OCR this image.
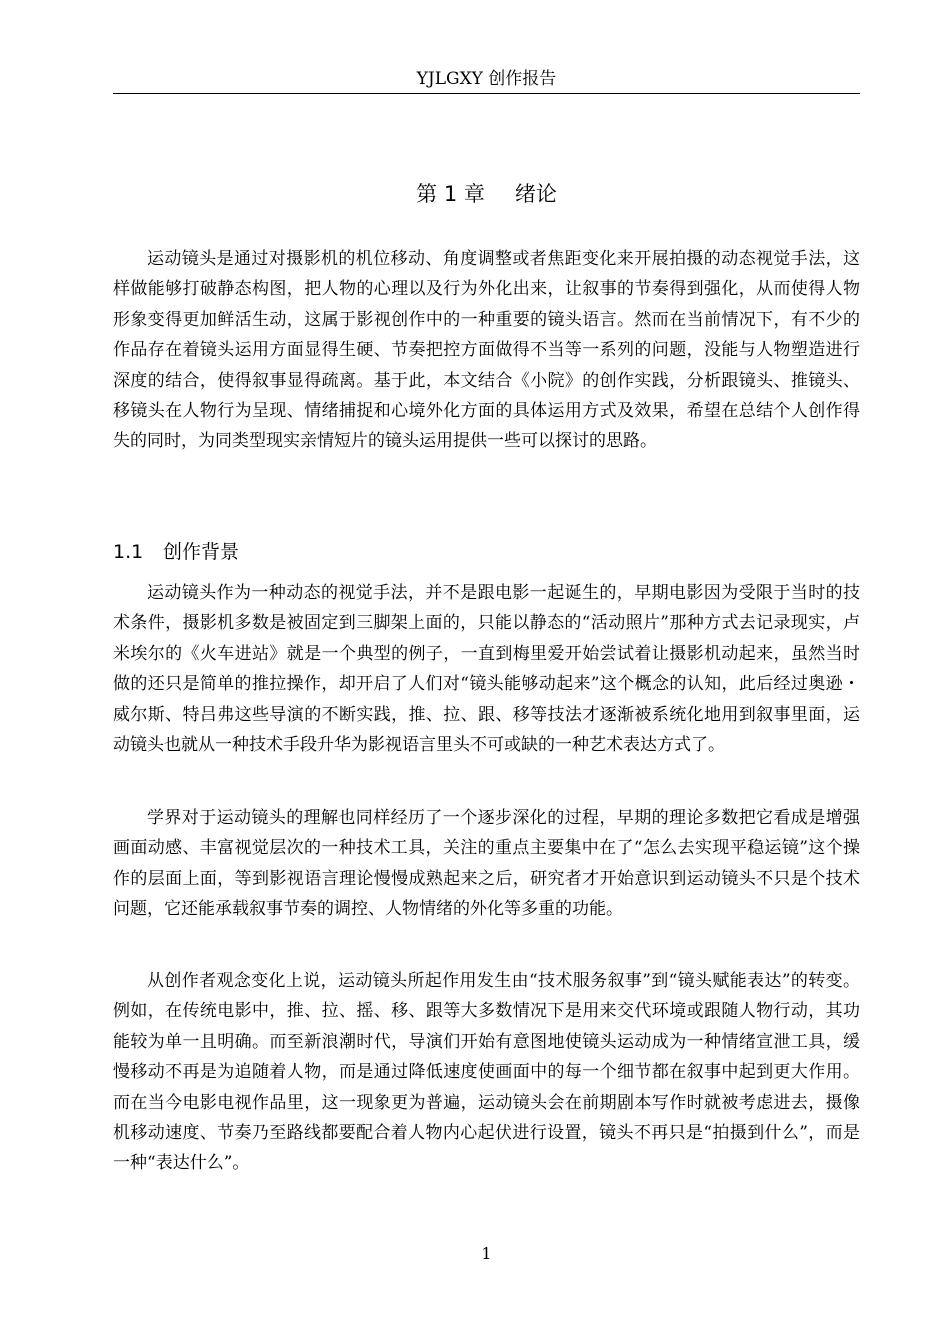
YJLGXY 创作报告
第 1 章 绪论

运动镜头是通过对摄影机的机位移动、角度调整或者焦距变化来开展拍摄的动态视觉手法，这样做能够打破静态构图，把人物的心理以及行为外化出来，让叙事的节奏得到强化，从而使得人物形象变得更加鲜活生动，这属于影视创作中的一种重要的镜头语言。然而在当前情况下，有不少的作品存在着镜头运用方面显得生硬、节奏把控方面做得不当等一系列的问题，没能与人物塑造进行深度的结合，使得叙事显得疏离。基于此，本文结合《小院》的创作实践，分析跟镜头、推镜头、移镜头在人物行为呈现、情绪捕捉和心境外化方面的具体运用方式及效果，希望在总结个人创作得失的同时，为同类型现实亲情短片的镜头运用提供一些可以探讨的思路。

1.1 创作背景

运动镜头作为一种动态的视觉手法，并不是跟电影一起诞生的，早期电影因为受限于当时的技术条件，摄影机多数是被固定到三脚架上面的，只能以静态的“活动照片”那种方式去记录现实，卢米埃尔的《火车进站》就是一个典型的例子，一直到梅里爱开始尝试着让摄影机动起来，虽然当时做的还只是简单的推拉操作，却开启了人们对“镜头能够动起来”这个概念的认知，此后经过奥逊・威尔斯、特吕弗这些导演的不断实践，推、拉、跟、移等技法才逐渐被系统化地用到叙事里面，运动镜头也就从一种技术手段升华为影视语言里头不可或缺的一种艺术表达方式了。

学界对于运动镜头的理解也同样经历了一个逐步深化的过程，早期的理论多数把它看成是增强画面动感、丰富视觉层次的一种技术工具，关注的重点主要集中在了“怎么去实现平稳运镜”这个操作的层面上面，等到影视语言理论慢慢成熟起来之后，研究者才开始意识到运动镜头不只是个技术问题，它还能承载叙事节奏的调控、人物情绪的外化等多重的功能。

从创作者观念变化上说，运动镜头所起作用发生由“技术服务叙事”到“镜头赋能表达”的转变。例如，在传统电影中，推、拉、摇、移、跟等大多数情况下是用来交代环境或跟随人物行动，其功能较为单一且明确。而至新浪潮时代，导演们开始有意图地使镜头运动成为一种情绪宣泄工具，缓慢移动不再是为追随着人物，而是通过降低速度使画面中的每一个细节都在叙事中起到更大作用。而在当今电影电视作品里，这一现象更为普遍，运动镜头会在前期剧本写作时就被考虑进去，摄像机移动速度、节奏乃至路线都要配合着人物内心起伏进行设置，镜头不再只是“拍摄到什么”，而是一种“表达什么”。

1
